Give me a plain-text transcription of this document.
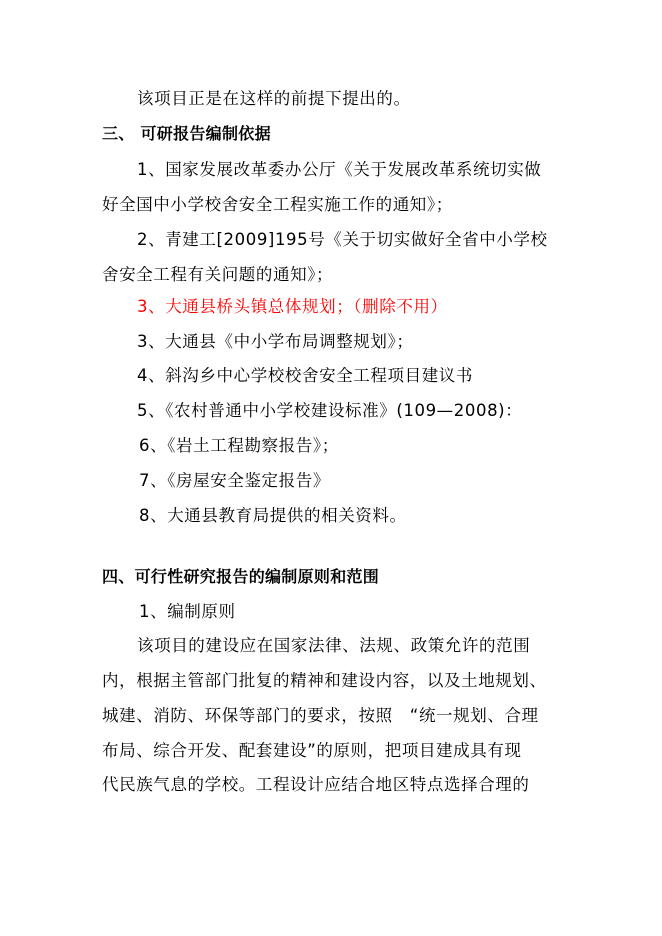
该项目正是在这样的前提下提出的。
三、 可研报告编制依据
1、国家发展改革委办公厅《关于发展改革系统切实做
好全国中小学校舍安全工程实施工作的通知》；
2、青建工[2009]195号《关于切实做好全省中小学校
舍安全工程有关问题的通知》；
3、大通县桥头镇总体规划；（删除不用）
3、大通县《中小学布局调整规划》；
4、斜沟乡中心学校校舍安全工程项目建议书
5、《农村普通中小学校建设标准》(109—2008)：
6、《岩土工程勘察报告》；
7、《房屋安全鉴定报告》
8、大通县教育局提供的相关资料。
四、可行性研究报告的编制原则和范围
1、编制原则
该项目的建设应在国家法律、法规、政策允许的范围
内，根据主管部门批复的精神和建设内容，以及土地规划、
城建、消防、环保等部门的要求，按照　“统一规划、合理
布局、综合开发、配套建设”的原则，把项目建成具有现
代民族气息的学校。工程设计应结合地区特点选择合理的
